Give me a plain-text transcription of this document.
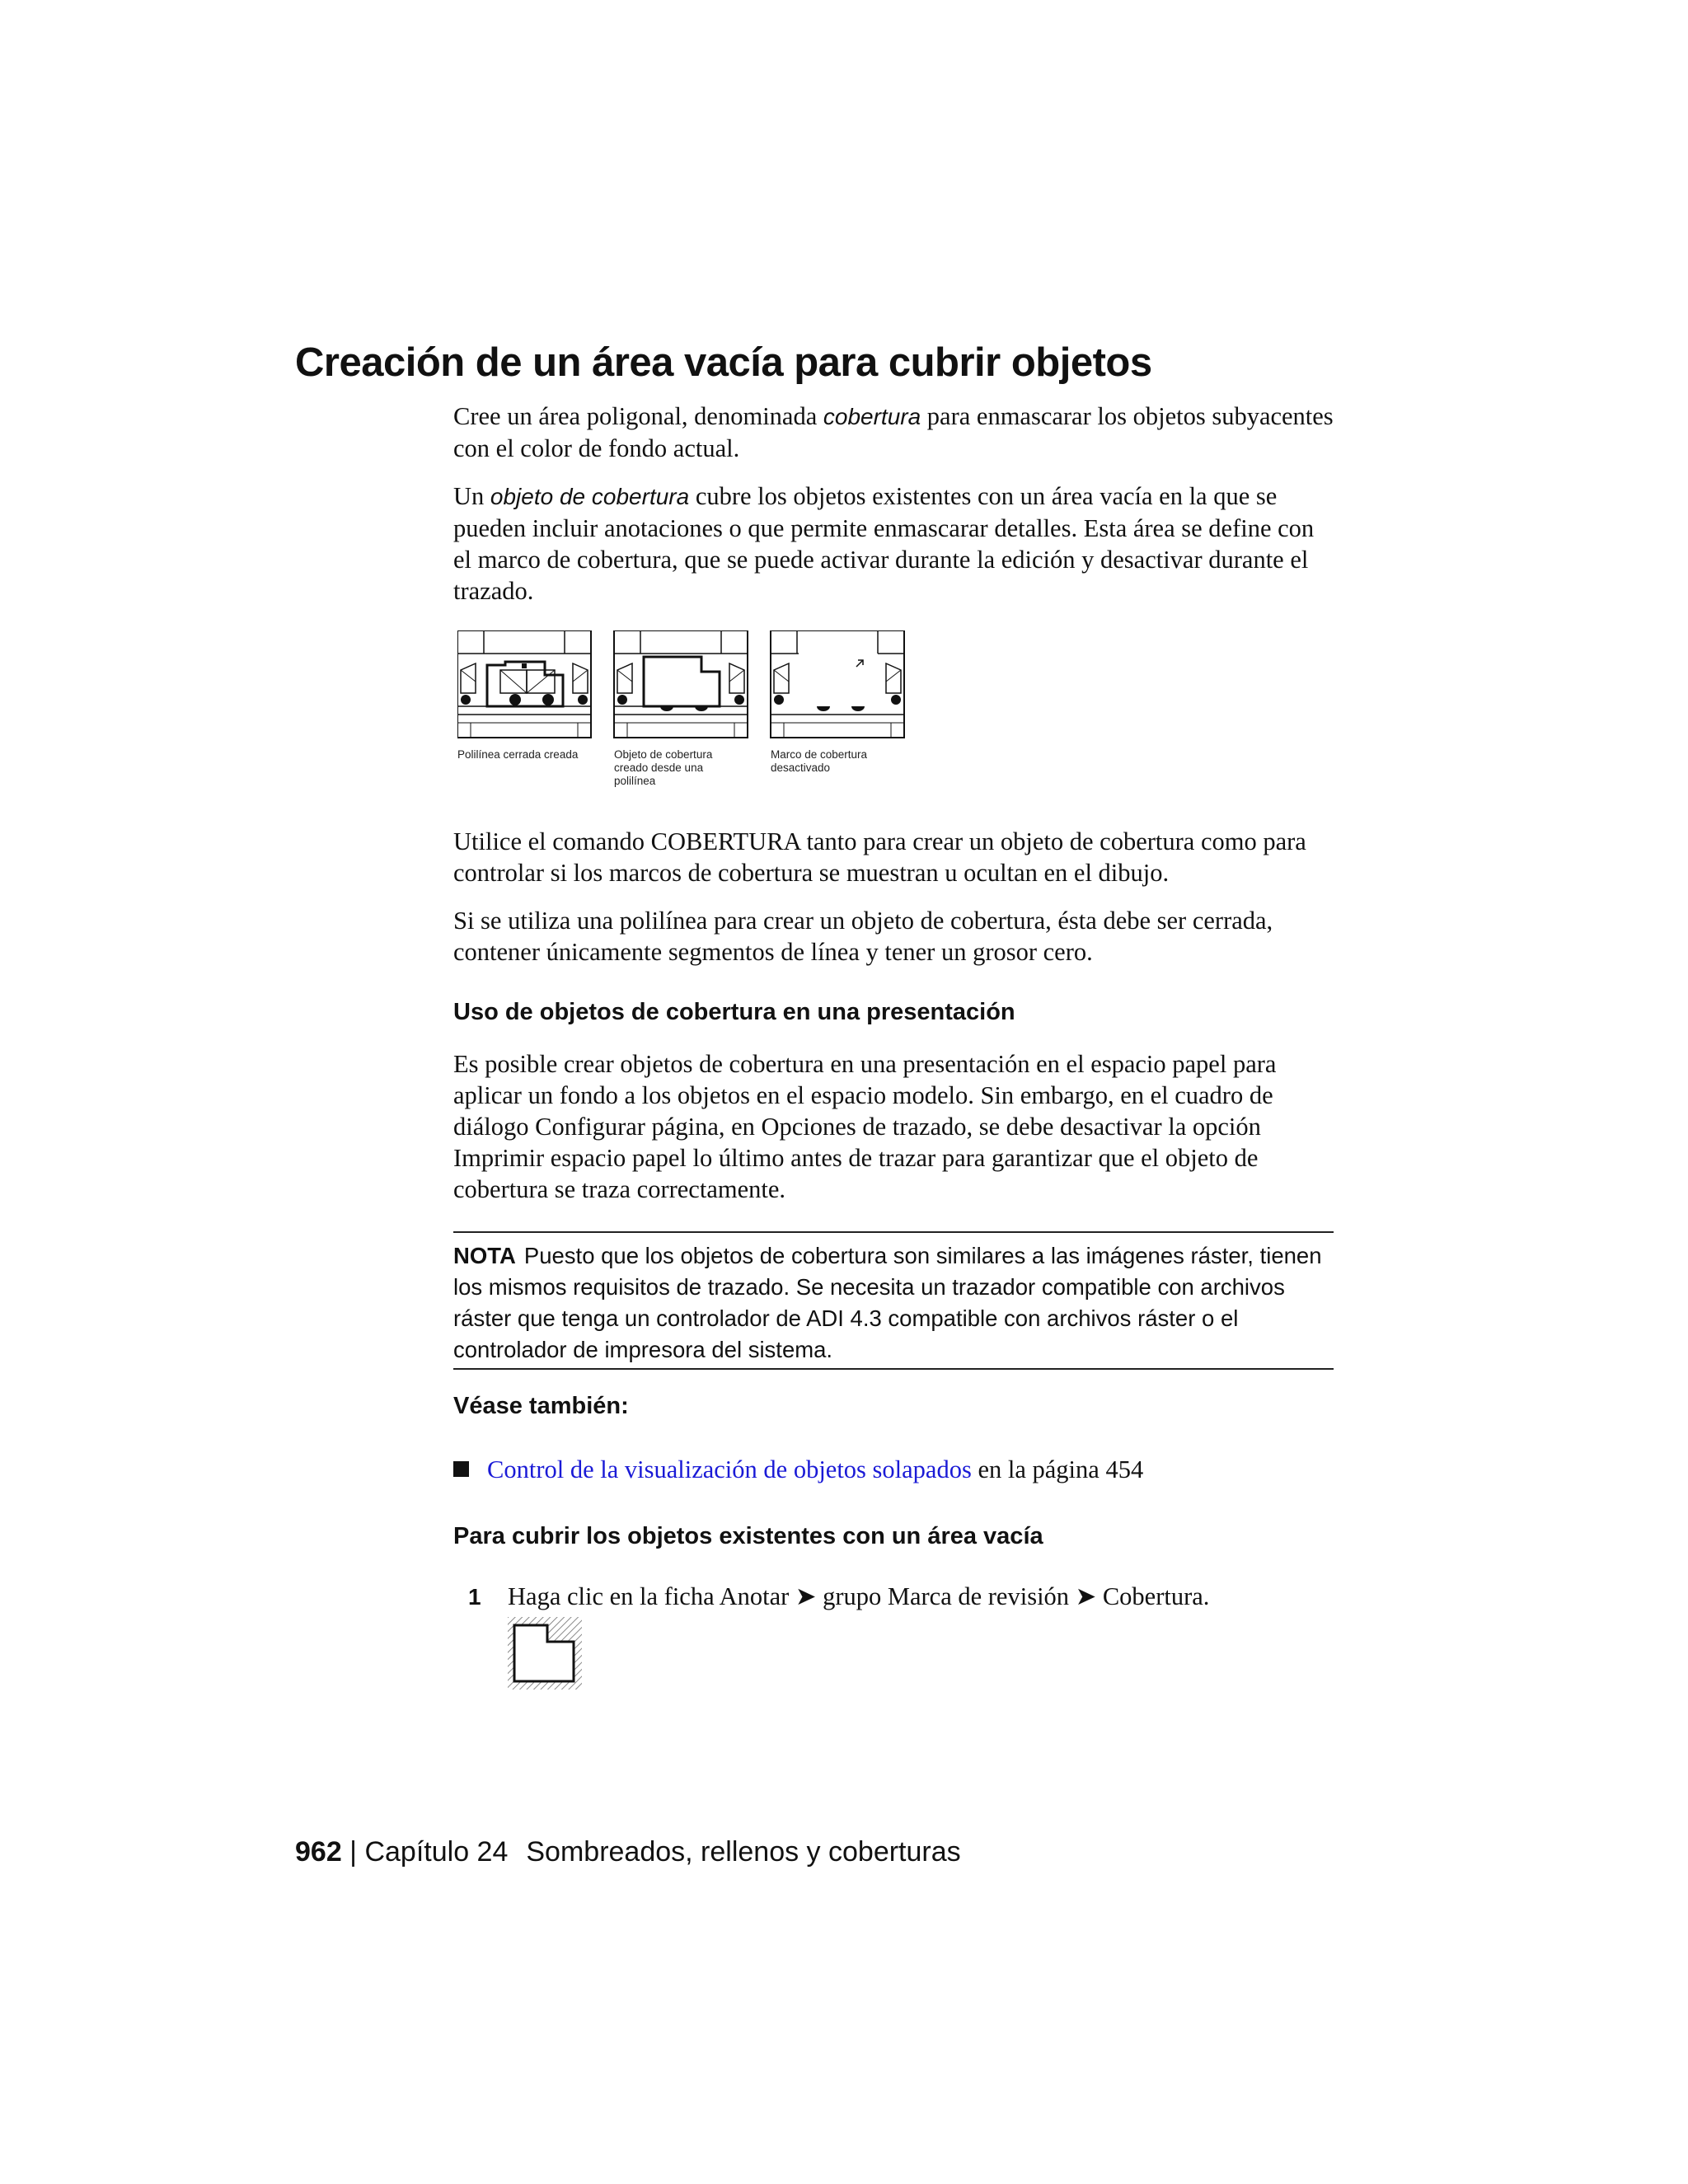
Creación de un área vacía para cubrir objetos

Cree un área poligonal, denominada cobertura para enmascarar los objetos subyacentes con el color de fondo actual.

Un objeto de cobertura cubre los objetos existentes con un área vacía en la que se pueden incluir anotaciones o que permite enmascarar detalles. Esta área se define con el marco de cobertura, que se puede activar durante la edición y desactivar durante el trazado.

Polilínea cerrada creada	Objeto de cobertura creado desde una polilínea
Marco de cobertura desactivado

Utilice el comando COBERTURA tanto para crear un objeto de cobertura como para controlar si los marcos de cobertura se muestran u ocultan en el dibujo.

Si se utiliza una polilínea para crear un objeto de cobertura, ésta debe ser cerrada, contener únicamente segmentos de línea y tener un grosor cero.

Uso de objetos de cobertura en una presentación

Es posible crear objetos de cobertura en una presentación en el espacio papel para aplicar un fondo a los objetos en el espacio modelo. Sin embargo, en el cuadro de diálogo Configurar página, en Opciones de trazado, se debe desactivar la opción Imprimir espacio papel lo último antes de trazar para garantizar que el objeto de cobertura se traza correctamente.

NOTA Puesto que los objetos de cobertura son similares a las imágenes ráster, tienen los mismos requisitos de trazado. Se necesita un trazador compatible con archivos ráster que tenga un controlador de ADI 4.3 compatible con archivos ráster o el controlador de impresora del sistema.

Véase también:

Control de la visualización de objetos solapados en la página 454

Para cubrir los objetos existentes con un área vacía

1 Haga clic en la ficha Anotar ➤ grupo Marca de revisión ➤ Cobertura.

962 | Capítulo 24 Sombreados, rellenos y coberturas
